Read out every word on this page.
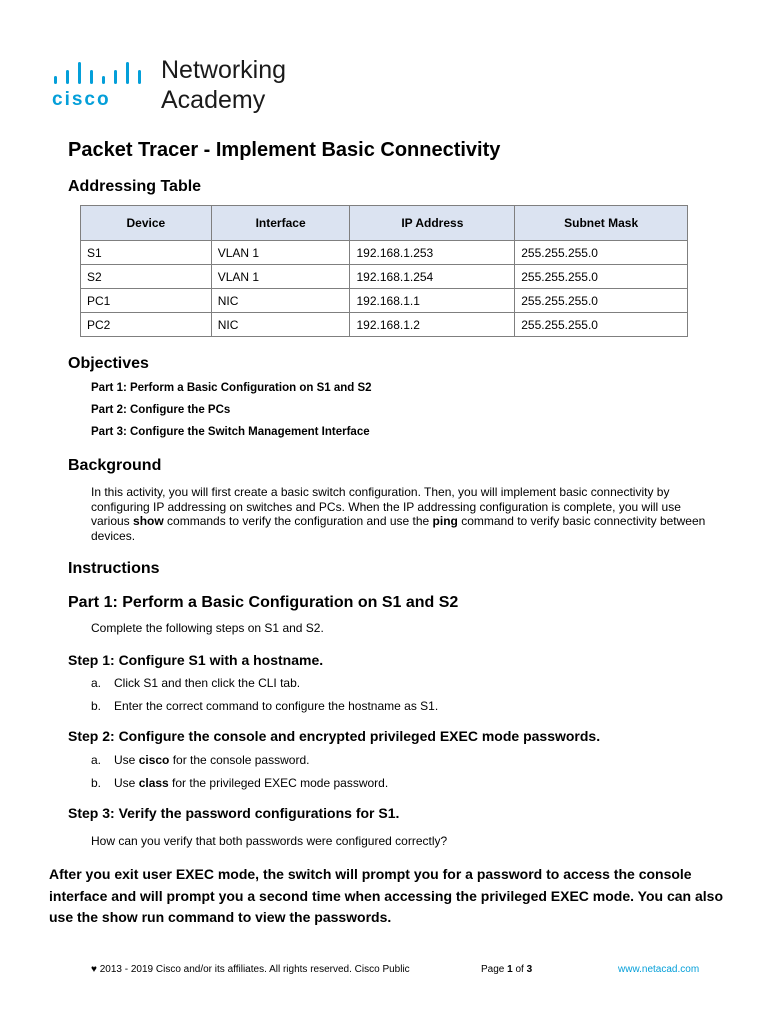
cisco
Networking
Academy
Packet Tracer - Implement Basic Connectivity
Addressing Table
Device	Interface	IP Address	Subnet Mask
S1	VLAN 1	192.168.1.253	255.255.255.0
S2	VLAN 1	192.168.1.254	255.255.255.0
PC1	NIC	192.168.1.1	255.255.255.0
PC2	NIC	192.168.1.2	255.255.255.0
Objectives
Part 1: Perform a Basic Configuration on S1 and S2
Part 2: Configure the PCs
Part 3: Configure the Switch Management Interface
Background
In this activity, you will first create a basic switch configuration. Then, you will implement basic connectivity by configuring IP addressing on switches and PCs. When the IP addressing configuration is complete, you will use various show commands to verify the configuration and use the ping command to verify basic connectivity between devices.
Instructions
Part 1: Perform a Basic Configuration on S1 and S2
Complete the following steps on S1 and S2.
Step 1: Configure S1 with a hostname.
a. Click S1 and then click the CLI tab.
b. Enter the correct command to configure the hostname as S1.
Step 2: Configure the console and encrypted privileged EXEC mode passwords.
a. Use cisco for the console password.
b. Use class for the privileged EXEC mode password.
Step 3: Verify the password configurations for S1.
How can you verify that both passwords were configured correctly?
After you exit user EXEC mode, the switch will prompt you for a password to access the console interface and will prompt you a second time when accessing the privileged EXEC mode. You can also use the show run command to view the passwords.
♥ 2013 - 2019 Cisco and/or its affiliates. All rights reserved. Cisco Public	Page 1 of 3	www.netacad.com
